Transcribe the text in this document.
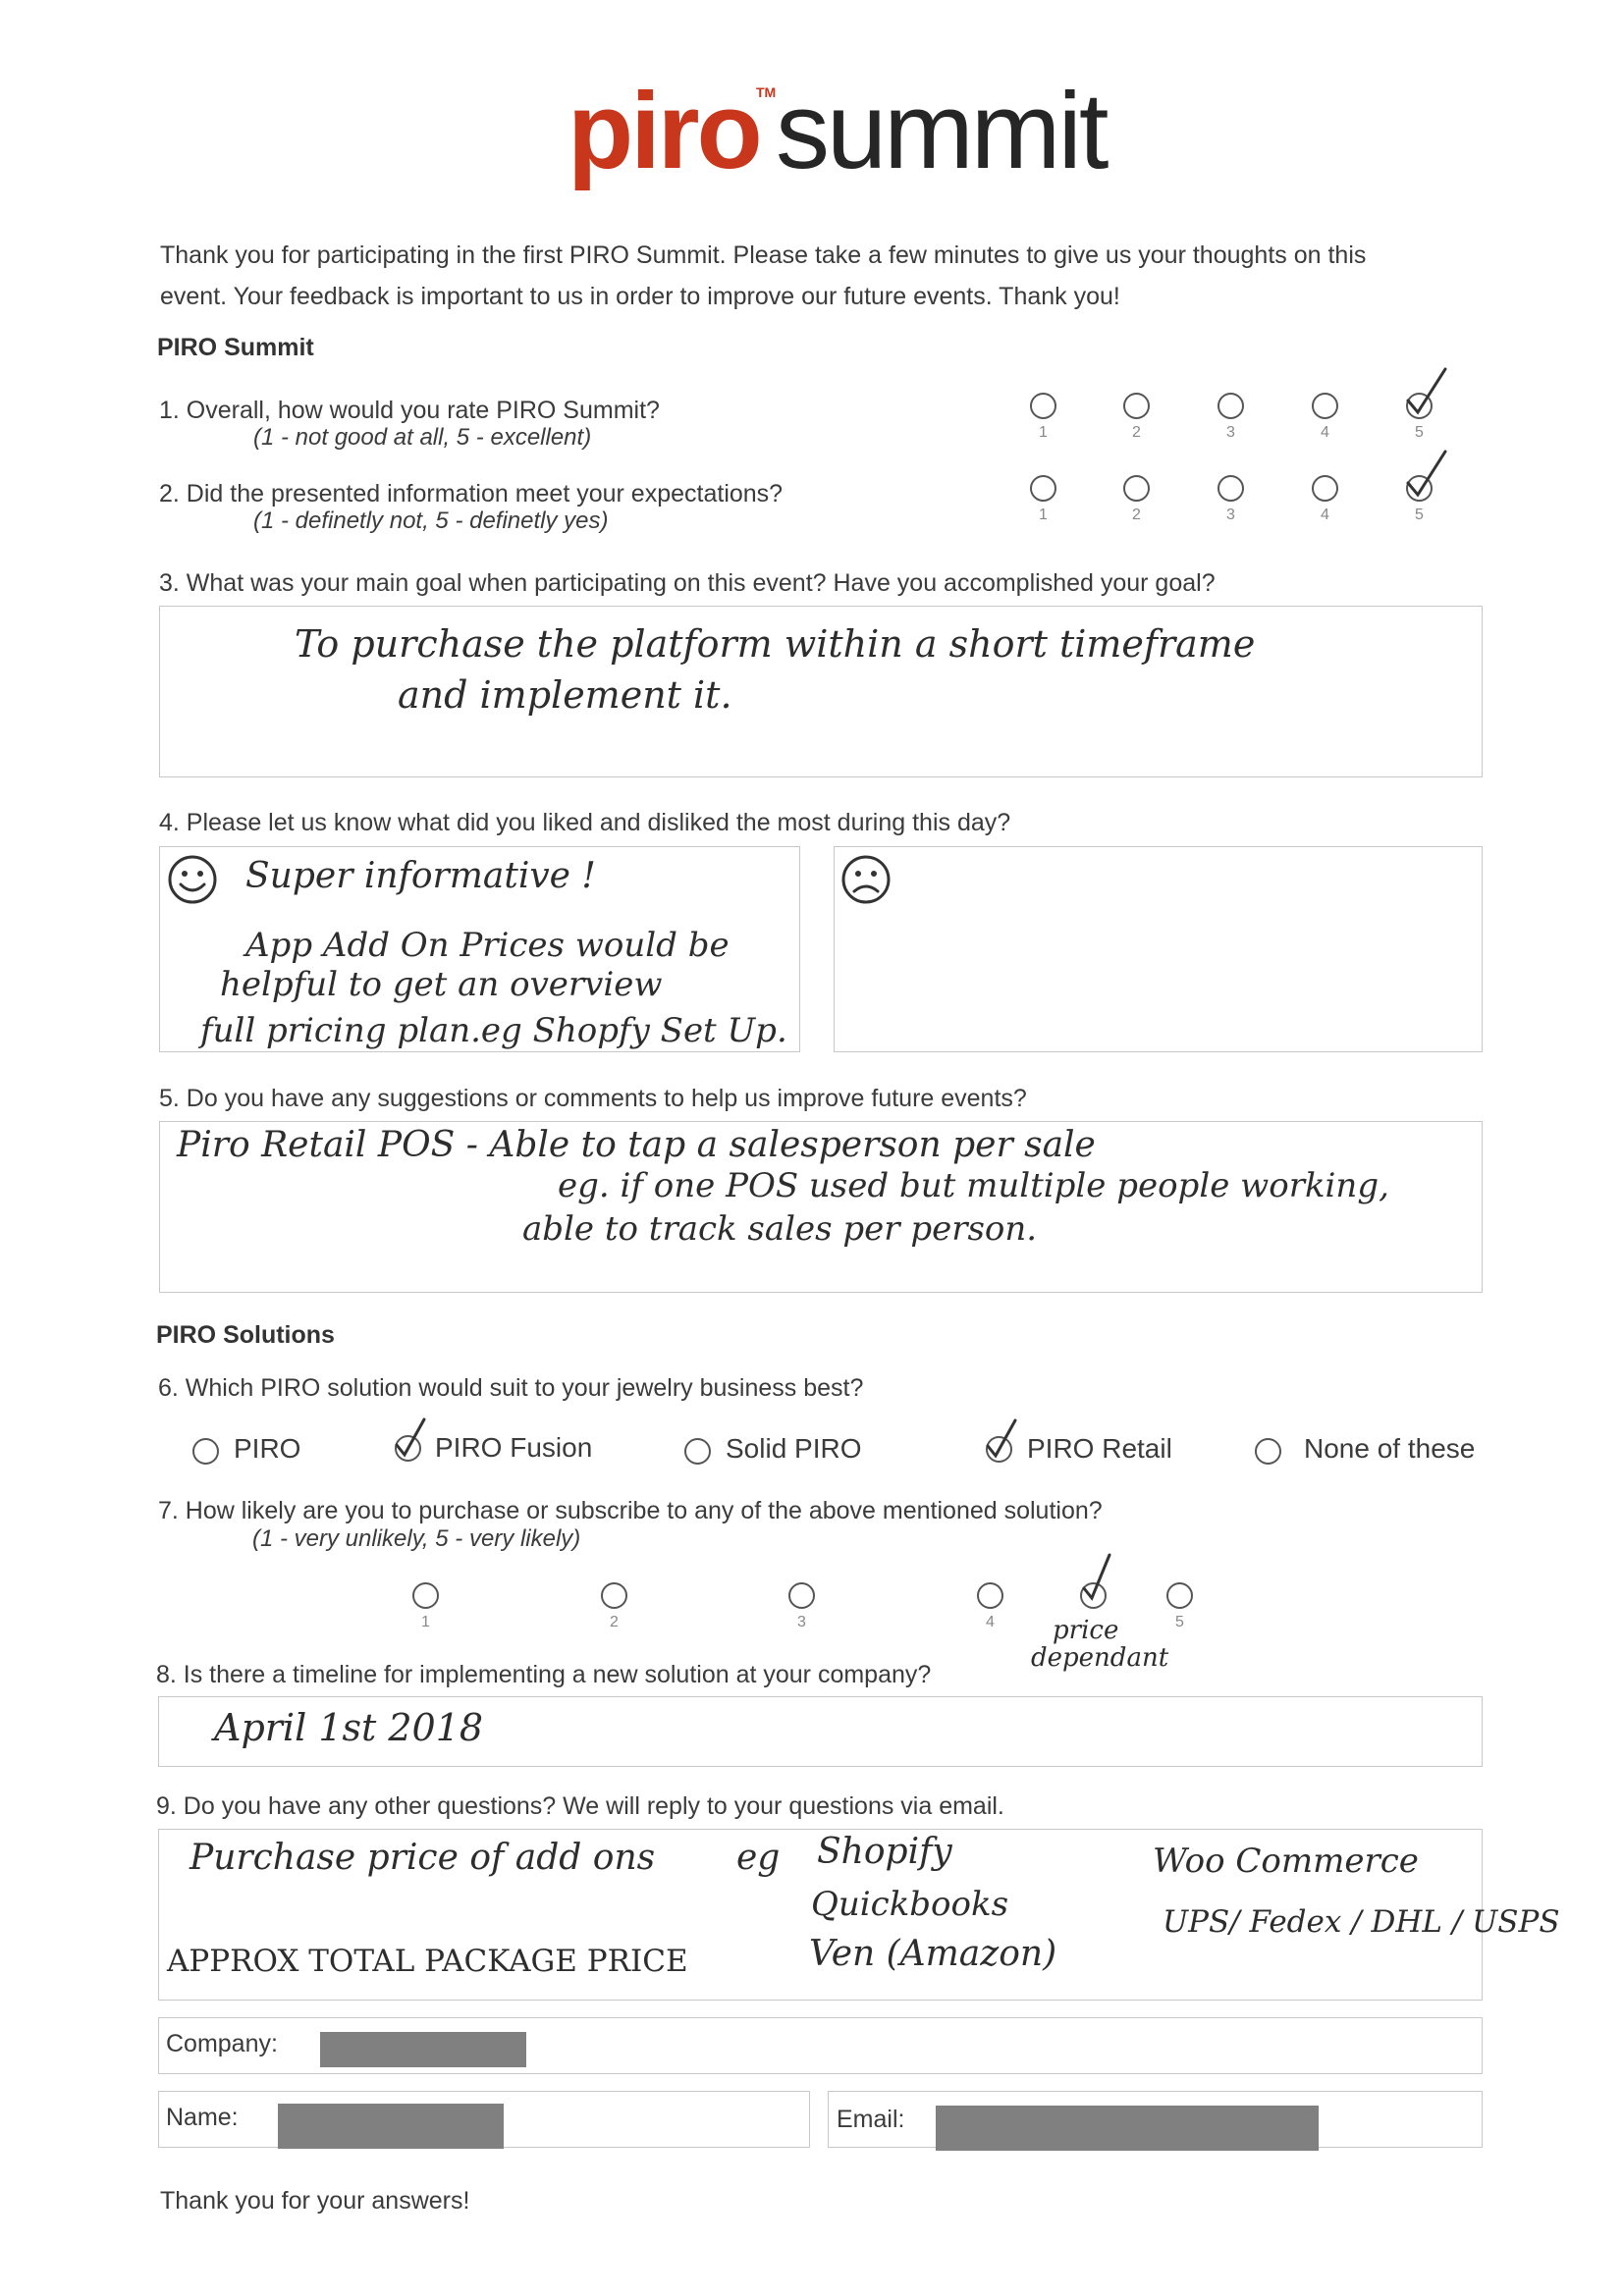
piro summit
TM
Thank you for participating in the first PIRO Summit. Please take a few minutes to give us your thoughts on this
event. Your feedback is important to us in order to improve our future events. Thank you!
PIRO Summit
1. Overall, how would you rate PIRO Summit?
(1 - not good at all, 5 - excellent)	1	2	3	4	5
2. Did the presented information meet your expectations?
(1 - definetly not, 5 - definetly yes)	1	2	3	4	5
3. What was your main goal when participating on this event? Have you accomplished your goal?
To purchase the platform within a short timeframe
and implement it.
4. Please let us know what did you liked and disliked the most during this day?
Super informative !
App Add On Prices would be
helpful to get an overview
full pricing plan.eg Shopfy Set Up.
5. Do you have any suggestions or comments to help us improve future events?
Piro Retail POS - Able to tap a salesperson per sale
eg. if one POS used but multiple people working,
able to track sales per person.
PIRO Solutions
6. Which PIRO solution would suit to your jewelry business best?
PIRO	PIRO Fusion	Solid PIRO	PIRO Retail	None of these
7. How likely are you to purchase or subscribe to any of the above mentioned solution?
(1 - very unlikely, 5 - very likely)
1	2	3	4	5
price
dependant
8. Is there a timeline for implementing a new solution at your company?
April 1st 2018
9. Do you have any other questions? We will reply to your questions via email.
Purchase price of add ons eg Shopify
Quickbooks
Ven (Amazon)
Woo Commerce
UPS/ Fedex / DHL / USPS
APPROX TOTAL PACKAGE PRICE
Company:
Name:	Email:
Thank you for your answers!
